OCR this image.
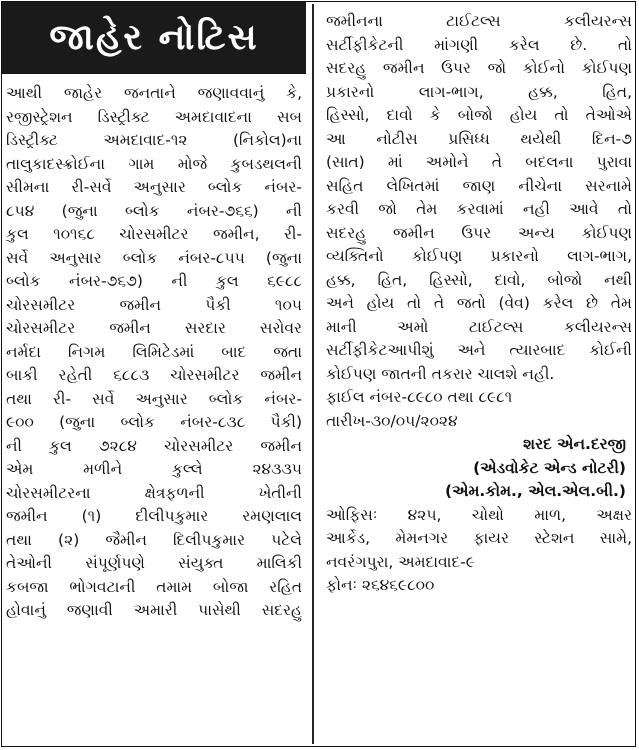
જાહેર નોટિસ
આથી જાહેર જનતાને જણાવવાનું કે,
રજીસ્ટ્રેશન ડિસ્ટ્રીક્ટ અમદાવાદના સબ
ડિસ્ટ્રીક્ટ અમદાવાદ-૧૨ (નિકોલ)ના
તાલુકાદસ્ક્રોઈના ગામ મોજે કુબડથલની
સીમના રી-સર્વે અનુસાર બ્લોક નંબર-
૮૫૪ (જુના બ્લોક નંબર-૭૬૬) ની
કુલ ૧૦૧૬૮ ચોરસમીટર જમીન, રી-
સર્વે અનુસાર બ્લોક નંબર-૮૫૫ (જુના
બ્લોક નંબર-૭૬૭) ની કુલ ૬૯૮૮
ચોરસમીટર જમીન પૈકી ૧૦૫
ચોરસમીટર જમીન સરદાર સરોવર
નર્મદા નિગમ લિમિટેડમાં બાદ જતા
બાકી રહેતી ૬૮૮૩ ચોરસમીટર જમીન
તથા રી- સર્વે અનુસાર બ્લોક નંબર-
૯૦૦ (જુના બ્લોક નંબર-૮૩૮ પૈકી)
ની કુલ ૭૨૮૪ ચોરસમીટર જમીન
એમ મળીને કુલ્લે ૨૪૩૩૫
ચોરસમીટરના ક્ષેત્રફળની ખેતીની
જમીન (૧) દીલીપકુમાર રમણલાલ
તથા (૨) જૈમીન દિલીપકુમાર પટેલે
તેઓની સંપૂર્ણપણે સંયુક્ત માલિકી
કબજા ભોગવટાની તમામ બોજા રહિત
હોવાનું જણાવી અમારી પાસેથી સદરહુ
જમીનના ટાઈટલ્સ કલીયરન્સ
સર્ટીફીકેટની માંગણી કરેલ છે. તો
સદરહુ જમીન ઉપર જો કોઈનો કોઈપણ
પ્રકારનો લાગ-ભાગ, હક્ક, હિત,
હિસ્સો, દાવો કે બોજો હોય તો તેઓએ
આ નોટીસ પ્રસિધ્ધ થયેથી દિન-૭
(સાત) માં અમોને તે બદલના પુરાવા
સહિત લેખિતમાં જાણ નીચેના સરનામે
કરવી જો તેમ કરવામાં નહી આવે તો
સદરહુ જમીન ઉપર અન્ય કોઈપણ
વ્યક્તિનો કોઈપણ પ્રકારનો લાગ-ભાગ,
હક્ક, હિત, હિસ્સો, દાવો, બોજો નથી
અને હોય તો તે જતો (વેવ) કરેલ છે તેમ
માની અમો ટાઈટલ્સ કલીયરન્સ
સર્ટીફીકેટઆપીશું અને ત્યારબાદ કોઈની
કોઈપણ જાતની તકરાર ચાલશે નહી.
ફાઈલ નંબર-૮૯૮૦ તથા ૮૯૮૧
તારીખ-૩૦/૦૫/૨૦૨૪
શરદ એન.દરજી
(એડવોકેટ એન્ડ નોટરી)
(એમ.કોમ., એલ.એલ.બી.)
ઓફિસઃ ૪૨૫, ચોથો માળ, અક્ષર
આર્કેડ, મેમનગર ફાયર સ્ટેશન સામે,
નવરંગપુરા, અમદાવાદ-૯
ફોનઃ ૨૬૪૬૯૮૦૦
